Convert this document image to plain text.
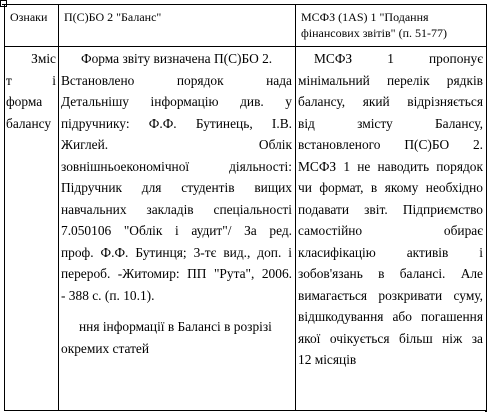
Ознаки П(С)БО 2 "Баланс"	МСФЗ (1АS) 1 "Подання
фінансових звітів" (п. 51-77)
Зміс
т і
форма
балансу
Форма звіту визначена П(С)БО 2.
Встановлено порядок нада
Детальнішу інформацію див. у
підручнику: Ф.Ф. Бутинець, І.В.
Жиглей. Облік
зовнішньоекономічної діяльності:
Підручник для студентів вищих
навчальних закладів спеціальності
7.050106 "Облік і аудит"/ За ред.
проф. Ф.Ф. Бутинця; 3-тє вид., доп. і
перероб. -Житомир: ПП "Рута", 2006.
- 388 с. (п. 10.1).
ння інформації в Балансі в розрізі
окремих статей
МСФЗ 1 пропонує
мінімальний перелік рядків
балансу, який відрізняється
від змісту Балансу,
встановленого П(С)БО 2.
МСФЗ 1 не наводить порядок
чи формат, в якому необхідно
подавати звіт. Підприємство
самостійно обирає
класифікацію активів і
зобов'язань в балансі. Але
вимагається розкривати суму,
відшкодування або погашення
якої очікується більш ніж за
12 місяців
